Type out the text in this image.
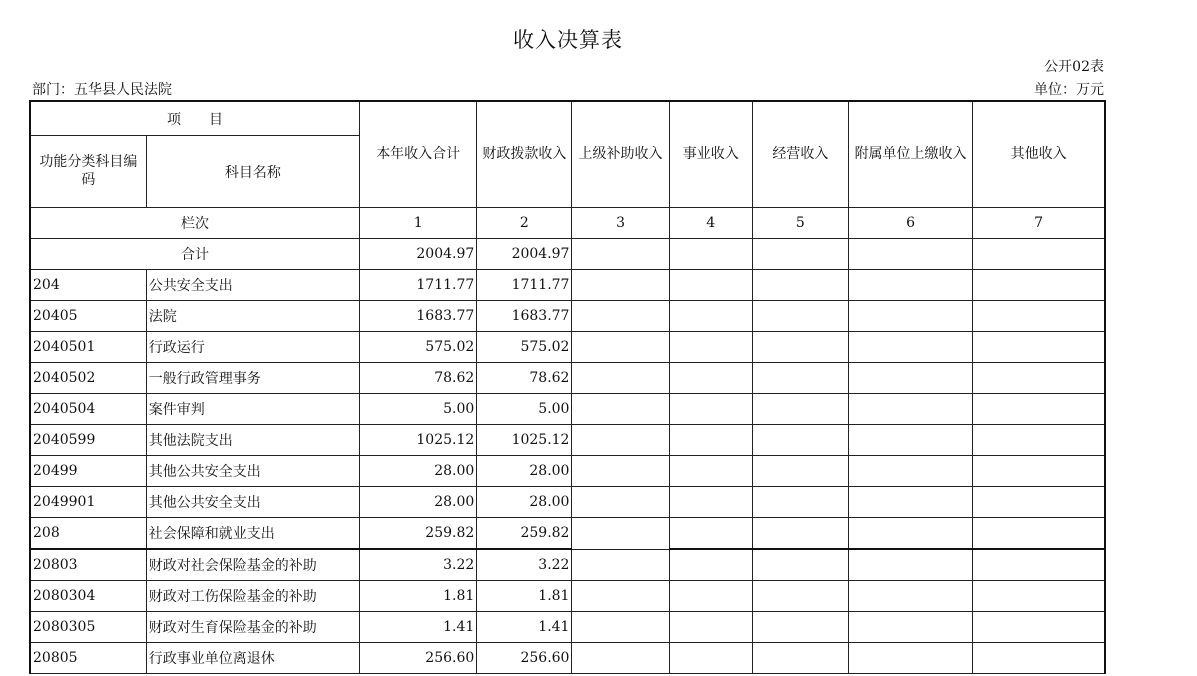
收入决算表
公开02表
部门：五华县人民法院	单位：万元
项　　目		本年收入合计	财政拨款收入	上级补助收入	事业收入	经营收入	附属单位上缴收入	其他收入
功能分类科目编码	科目名称							
栏次		1	2	3	4	5	6	7
合计		2004.97	2004.97					
204	公共安全支出	1711.77	1711.77					
20405	法院	1683.77	1683.77					
2040501	行政运行	575.02	575.02					
2040502	一般行政管理事务	78.62	78.62					
2040504	案件审判	5.00	5.00					
2040599	其他法院支出	1025.12	1025.12					
20499	其他公共安全支出	28.00	28.00					
2049901	其他公共安全支出	28.00	28.00					
208	社会保障和就业支出	259.82	259.82					
20803	财政对社会保险基金的补助	3.22	3.22					
2080304	财政对工伤保险基金的补助	1.81	1.81					
2080305	财政对生育保险基金的补助	1.41	1.41					
20805	行政事业单位离退休	256.60	256.60					
